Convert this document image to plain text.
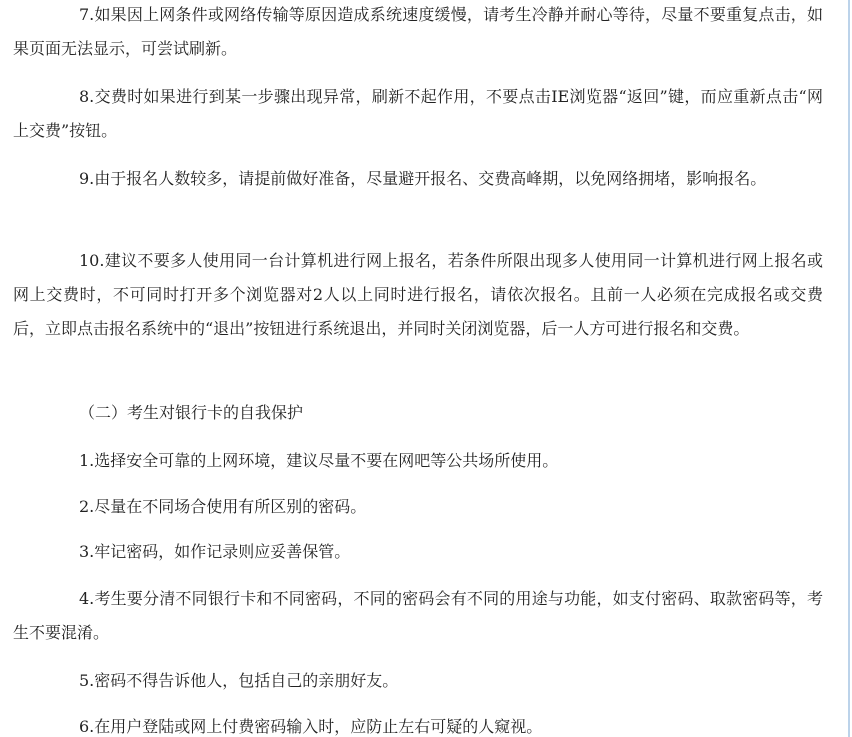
7.如果因上网条件或网络传输等原因造成系统速度缓慢，请考生冷静并耐心等待，尽量不要重复点击，如果页面无法显示，可尝试刷新。

8.交费时如果进行到某一步骤出现异常，刷新不起作用，不要点击IE浏览器“返回”键，而应重新点击“网上交费”按钮。

9.由于报名人数较多，请提前做好准备，尽量避开报名、交费高峰期，以免网络拥堵，影响报名。

10.建议不要多人使用同一台计算机进行网上报名，若条件所限出现多人使用同一计算机进行网上报名或网上交费时，不可同时打开多个浏览器对2人以上同时进行报名，请依次报名。且前一人必须在完成报名或交费后，立即点击报名系统中的“退出”按钮进行系统退出，并同时关闭浏览器，后一人方可进行报名和交费。

（二）考生对银行卡的自我保护

1.选择安全可靠的上网环境，建议尽量不要在网吧等公共场所使用。

2.尽量在不同场合使用有所区别的密码。

3.牢记密码，如作记录则应妥善保管。

4.考生要分清不同银行卡和不同密码，不同的密码会有不同的用途与功能，如支付密码、取款密码等，考生不要混淆。

5.密码不得告诉他人，包括自己的亲朋好友。

6.在用户登陆或网上付费密码输入时，应防止左右可疑的人窥视。
